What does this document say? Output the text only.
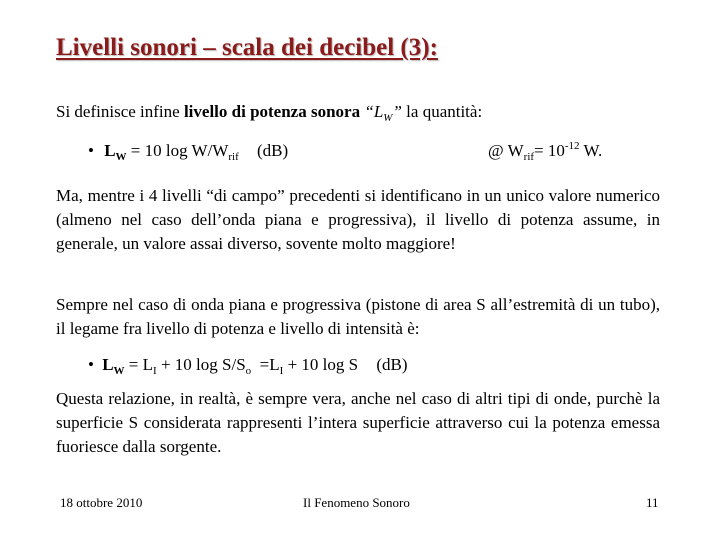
Livelli sonori – scala dei decibel (3):
Si definisce infine livello di potenza sonora “$L_W$” la quantità:
• $L_W = 10$ $\log W/W_{rif}$ (dB)	@ $W_{rif}= 10^{-12}$ W.
Ma, mentre i 4 livelli “di campo” precedenti si identificano in un unico valore numerico (almeno nel caso dell’onda piana e progressiva), il livello di potenza assume, in generale, un valore assai diverso, sovente molto maggiore!
Sempre nel caso di onda piana e progressiva (pistone di area S all’estremità di un tubo), il legame fra livello di potenza e livello di intensità è:
• $L_W = L_I + 10$ $\log S/S_o =L_I + 10$ log S (dB)
Questa relazione, in realtà, è sempre vera, anche nel caso di altri tipi di onde, purchè la superficie S considerata rappresenti l’intera superficie attraverso cui la potenza emessa fuoriesce dalla sorgente.
18 ottobre 2010	Il Fenomeno Sonoro	11
